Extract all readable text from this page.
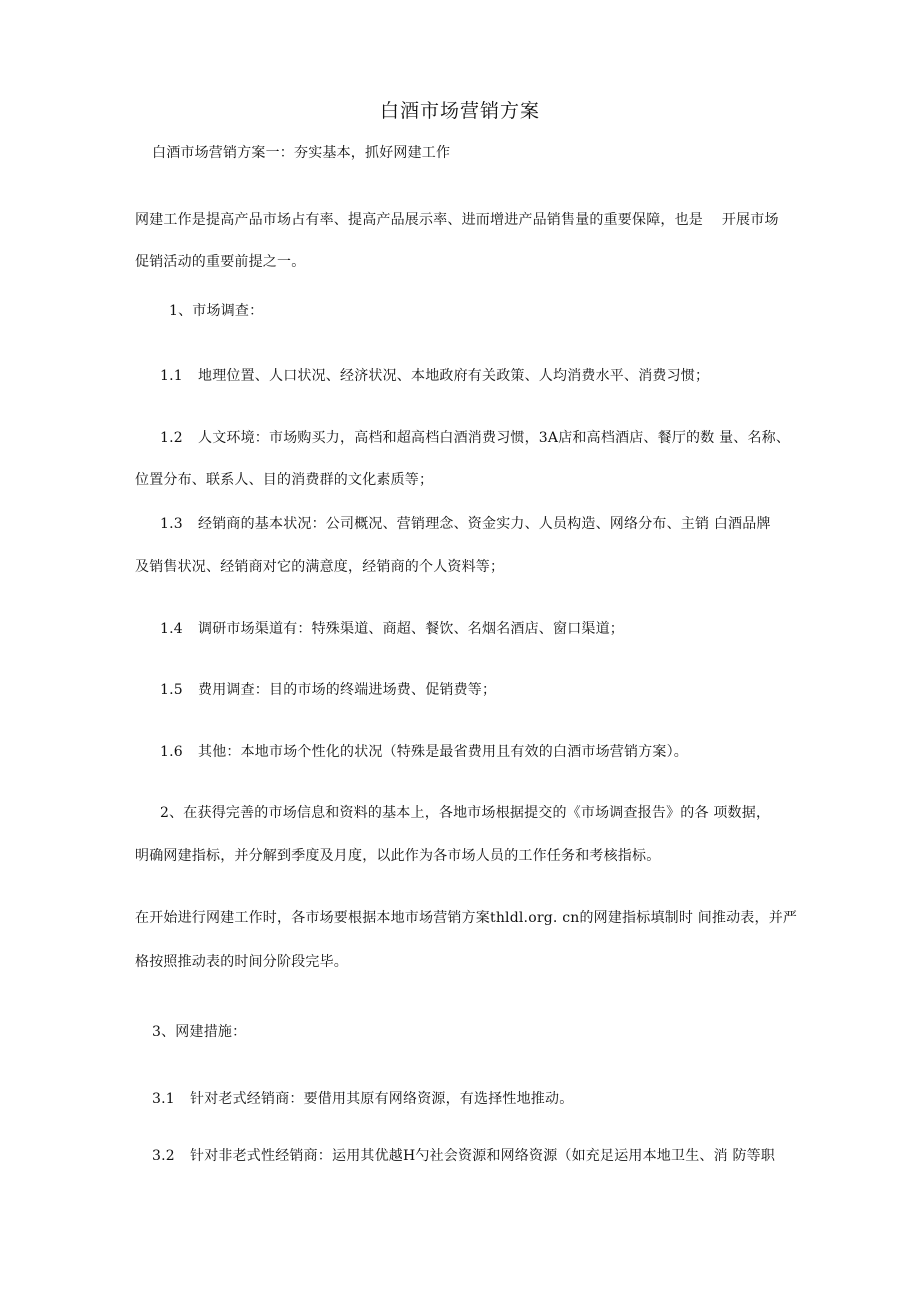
白酒市场营销方案
白酒市场营销方案一：夯实基本，抓好网建工作
网建工作是提高产品市场占有率、提高产品展示率、进而增进产品销售量的重要保障，也是　 开展市场
促销活动的重要前提之一。
1、市场调查：
1.1 地理位置、人口状况、经济状况、本地政府有关政策、人均消费水平、消费习惯；
1.2 人文环境：市场购买力，高档和超高档白酒消费习惯，3A店和高档酒店、餐厅的数 量、名称、
位置分布、联系人、目的消费群的文化素质等；
1.3 经销商的基本状况：公司概况、营销理念、资金实力、人员构造、网络分布、主销 白酒品牌
及销售状况、经销商对它的满意度，经销商的个人资料等；
1.4 调研市场渠道有：特殊渠道、商超、餐饮、名烟名酒店、窗口渠道；
1.5 费用调查：目的市场的终端进场费、促销费等；
1.6 其他：本地市场个性化的状况（特殊是最省费用且有效的白酒市场营销方案）。
2、在获得完善的市场信息和资料的基本上，各地市场根据提交的《市场调查报告》的各 项数据，
明确网建指标，并分解到季度及月度，以此作为各市场人员的工作任务和考核指标。
在开始进行网建工作时，各市场要根据本地市场营销方案thldl.org. cn的网建指标填制时 间推动表，并严
格按照推动表的时间分阶段完毕。
3、网建措施：
3.1 针对老式经销商：要借用其原有网络资源，有选择性地推动。
3.2 针对非老式性经销商：运用其优越H勺社会资源和网络资源（如充足运用本地卫生、消 防等职
